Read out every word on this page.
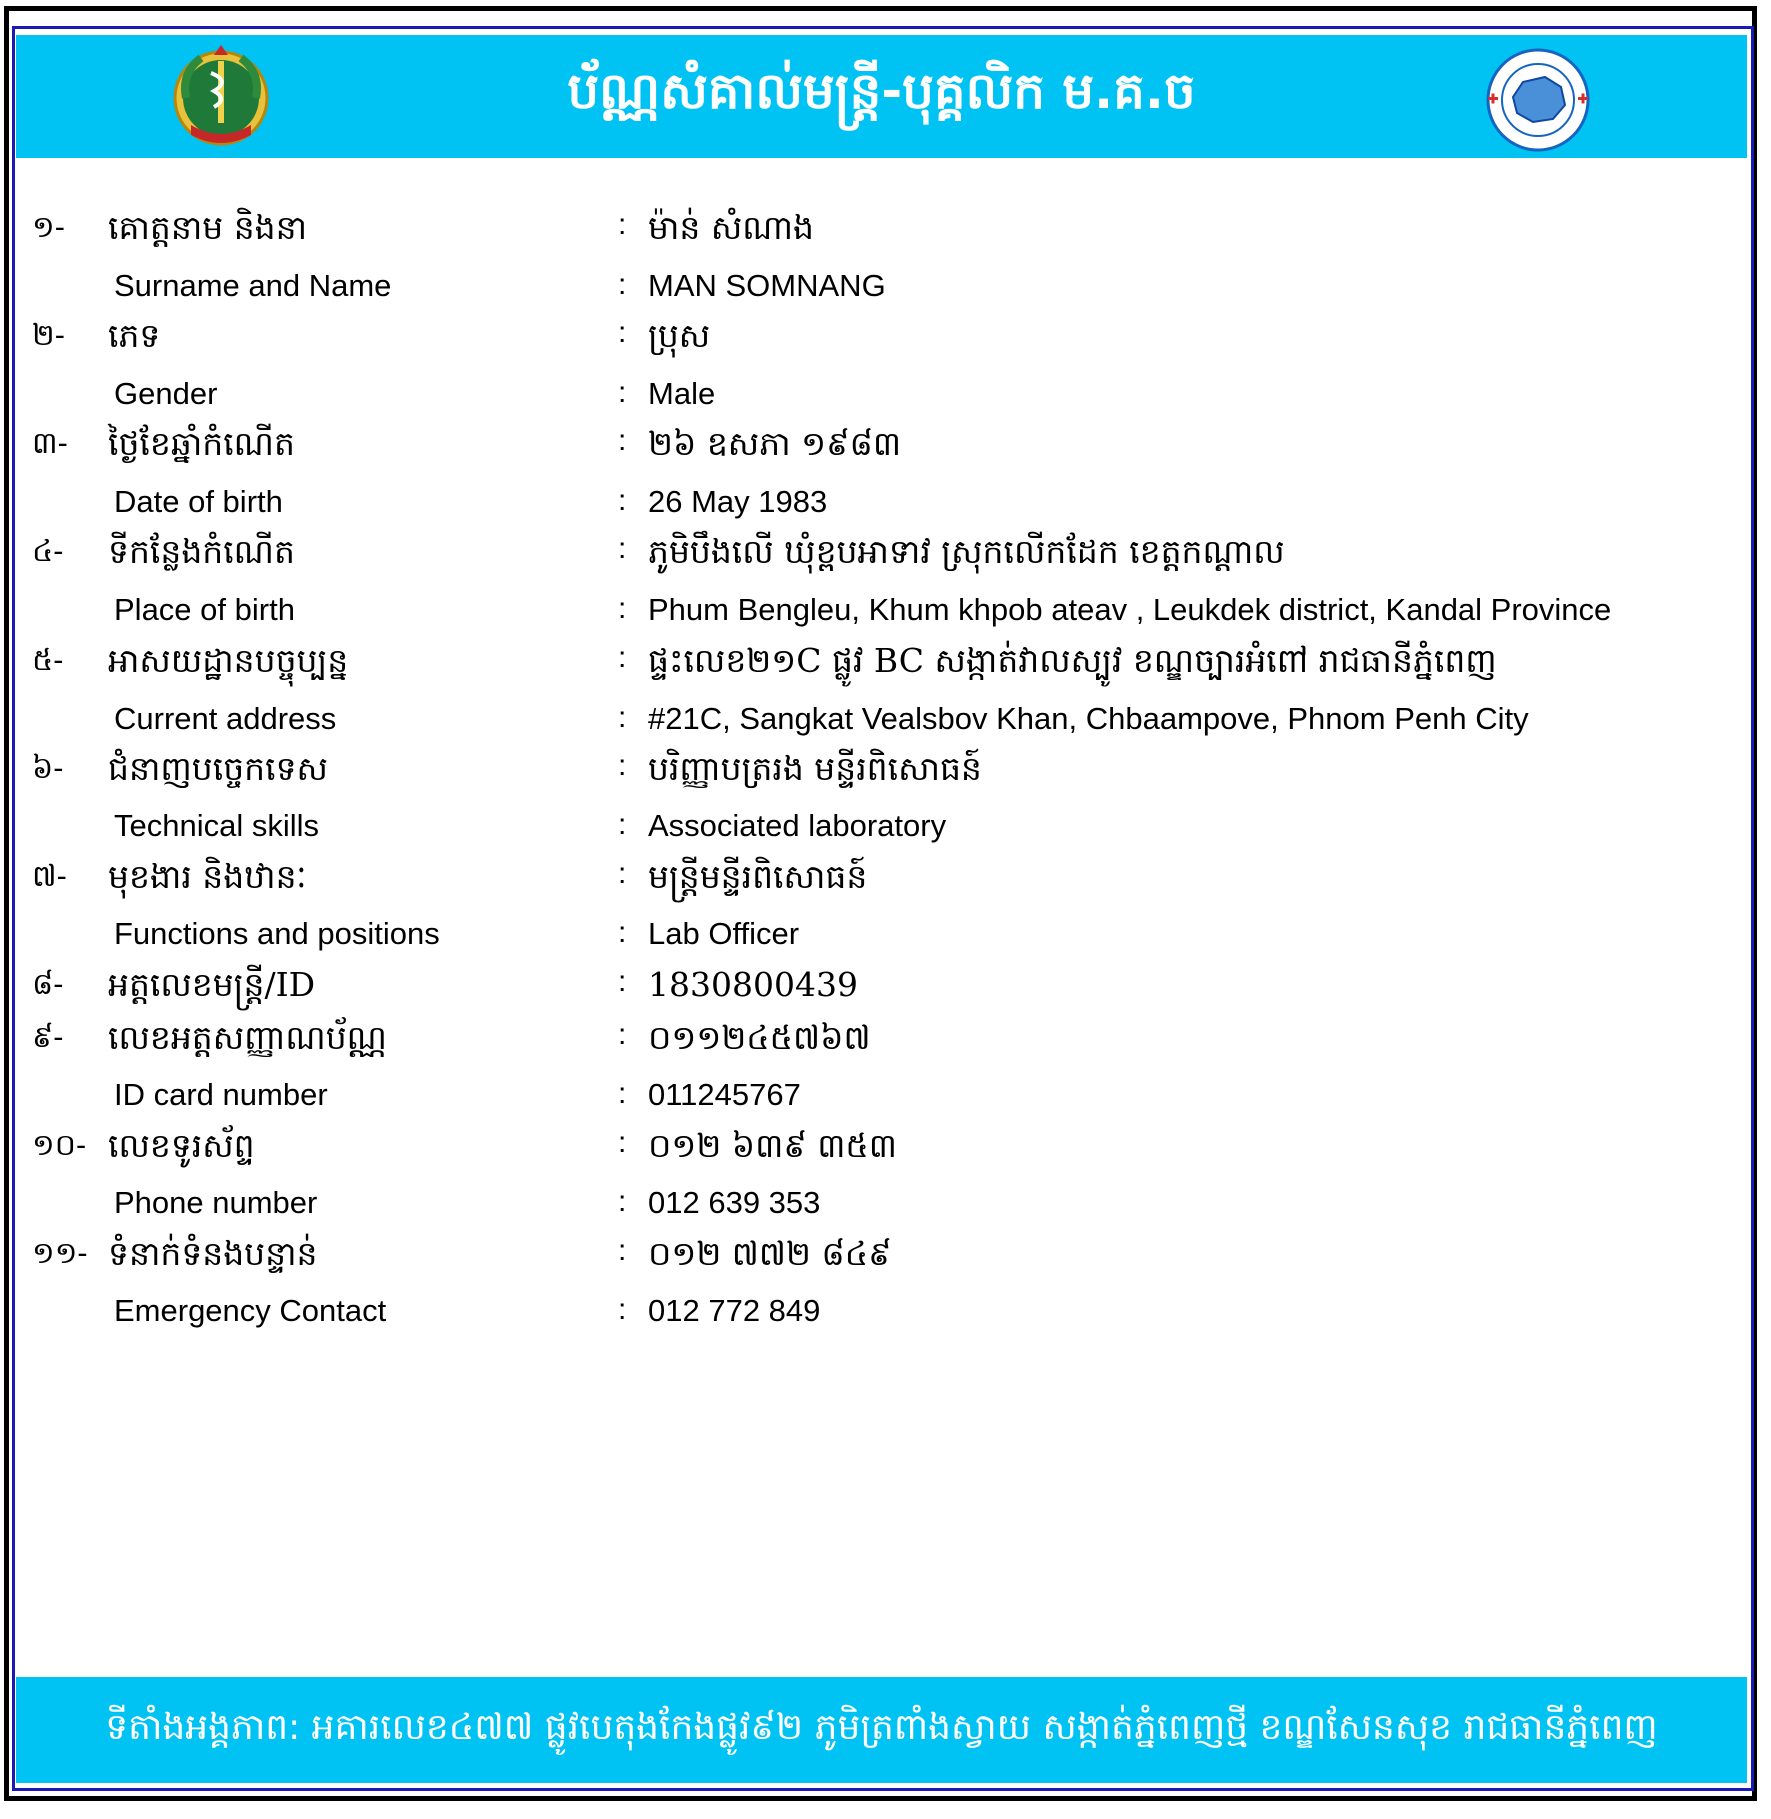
ប័ណ្ណសំគាល់មន្ត្រី-បុគ្គលិក ម.គ.ច
១- គោត្តនាម និងនា	: ម៉ាន់ សំណាង
Surname and Name	: MAN SOMNANG
២- ភេទ	: ប្រុស
Gender	: Male
៣- ថ្ងៃខែឆ្នាំកំណើត	: ២៦ ឧសភា ១៩៨៣
Date of birth	: 26 May 1983
៤- ទីកន្លែងកំណើត	: ភូមិបឹងលើ ឃុំខ្ពបអាទាវ ស្រុកលើកដែក ខេត្តកណ្តាល
Place of birth	: Phum Bengleu, Khum khpob ateav , Leukdek district, Kandal Province
៥- អាសយដ្ឋានបច្ចុប្បន្ន	: ផ្ទះលេខ២១C ផ្លូវ BC សង្កាត់វាលស្បូវ ខណ្ឌច្បារអំពៅ រាជធានីភ្នំពេញ
Current address	: #21C, Sangkat Vealsbov Khan, Chbaampove, Phnom Penh City
៦- ជំនាញបច្ចេកទេស	: បរិញ្ញាបត្ររង មន្ទីរពិសោធន៍
Technical skills	: Associated laboratory
៧- មុខងារ និងឋានៈ	: មន្ត្រីមន្ទីរពិសោធន៍
Functions and positions	: Lab Officer
៨- អត្តលេខមន្ត្រី/ID	: 1830800439
៩- លេខអត្តសញ្ញាណប័ណ្ណ	: ០១១២៤៥៧៦៧
ID card number	: 011245767
១០- លេខទូរស័ព្ទ	: ០១២ ៦៣៩ ៣៥៣
Phone number	: 012 639 353
១១- ទំនាក់ទំនងបន្ទាន់	: ០១២ ៧៧២ ៨៤៩
Emergency Contact	: 012 772 849
ទីតាំងអង្គភាព: អគារលេខ៤៧៧ ផ្លូវបេតុងកែងផ្លូវ៩២ ភូមិត្រពាំងស្វាយ សង្កាត់ភ្នំពេញថ្មី ខណ្ឌសែនសុខ រាជធានីភ្នំពេញ
